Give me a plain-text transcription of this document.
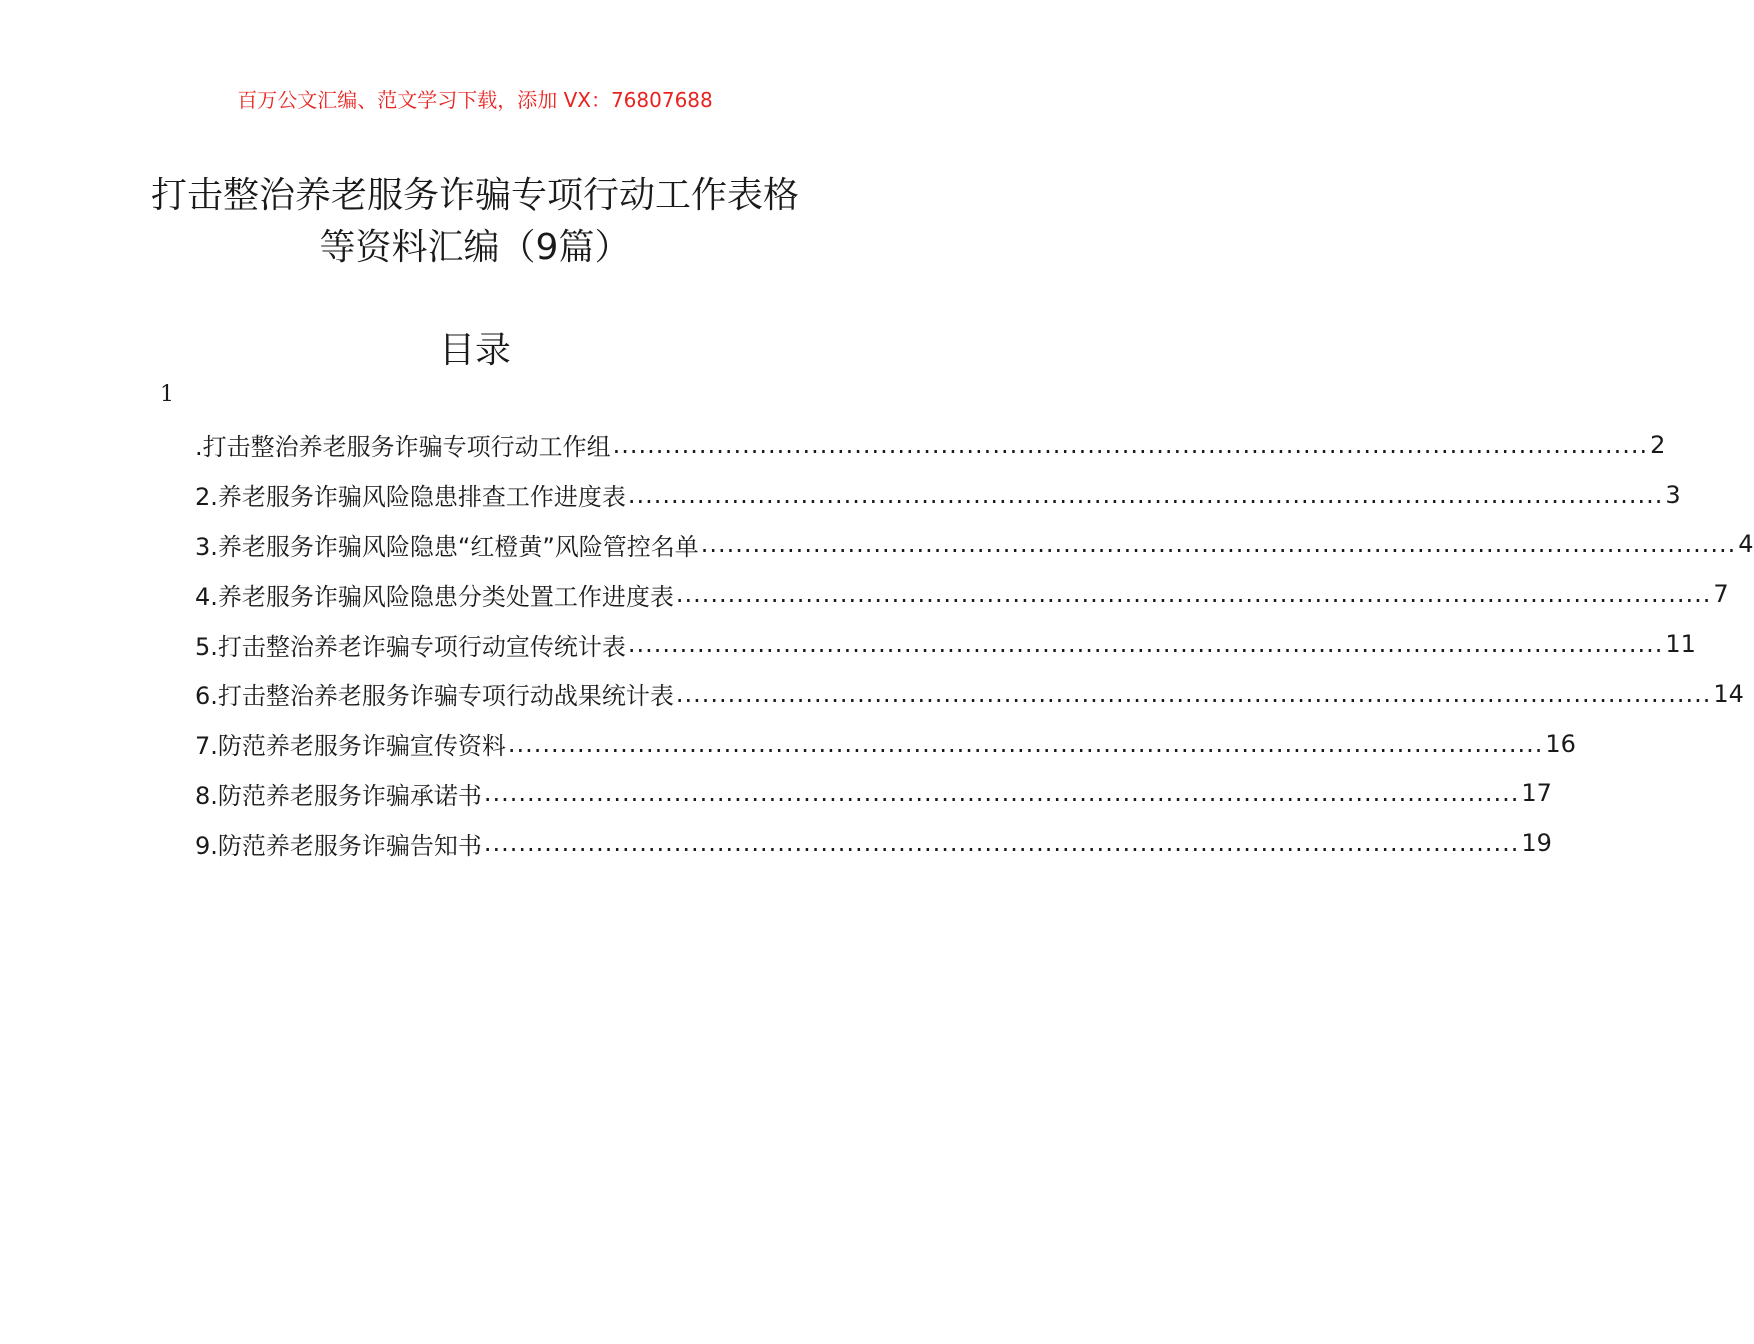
百万公文汇编、范文学习下载，添加 VX：76807688
打击整治养老服务诈骗专项行动工作表格
等资料汇编（9篇）
目录
1
.打击整治养老服务诈骗专项行动工作组 ........................................................................................................................ 2
2.养老服务诈骗风险隐患排查工作进度表 ........................................................................................................................ 3
3.养老服务诈骗风险隐患“红橙黄”风险管控名单 ........................................................................................................................ 4
4.养老服务诈骗风险隐患分类处置工作进度表 ........................................................................................................................ 7
5.打击整治养老诈骗专项行动宣传统计表 ........................................................................................................................ 11
6.打击整治养老服务诈骗专项行动战果统计表 ........................................................................................................................ 14
7.防范养老服务诈骗宣传资料 ........................................................................................................................ 16
8.防范养老服务诈骗承诺书 ........................................................................................................................ 17
9.防范养老服务诈骗告知书 ........................................................................................................................ 19
